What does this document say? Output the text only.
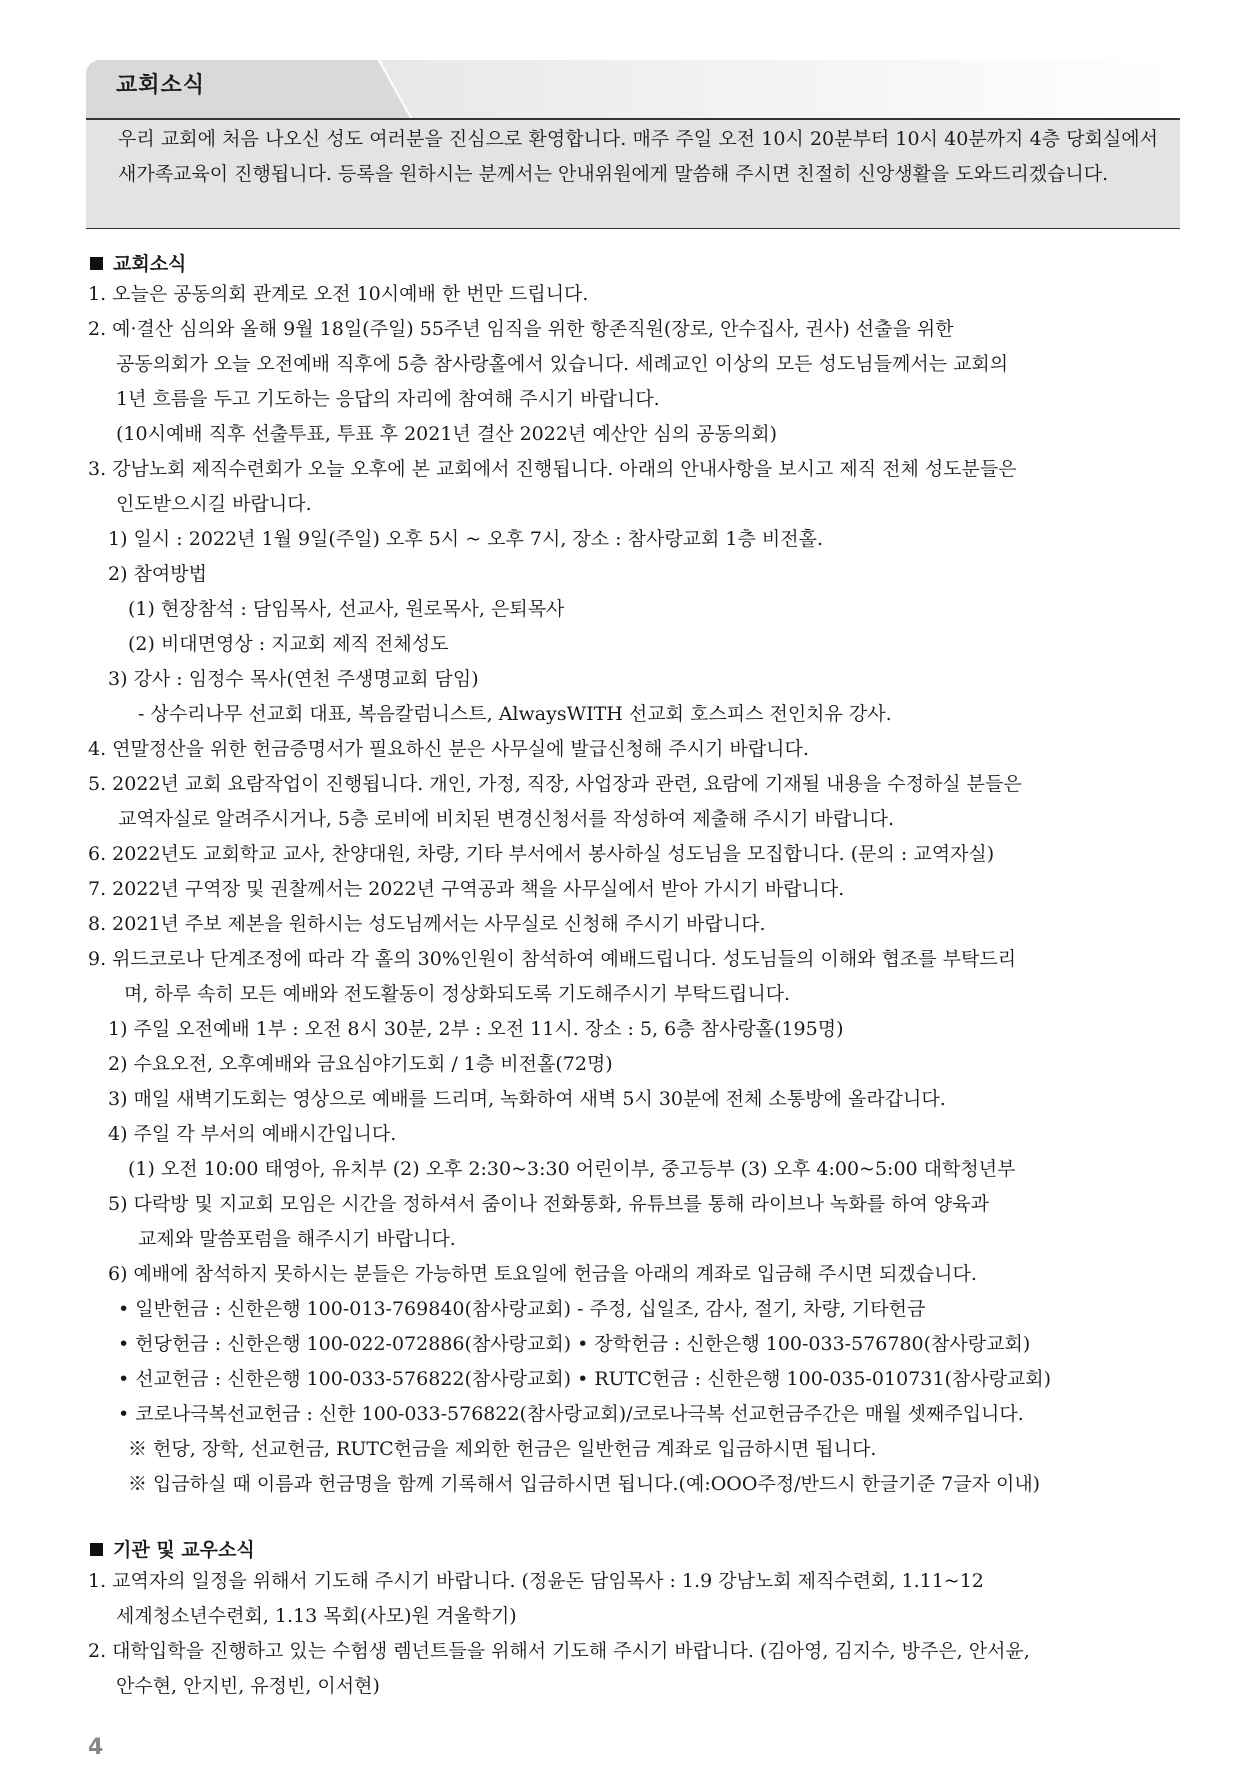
교회소식

우리 교회에 처음 나오신 성도 여러분을 진심으로 환영합니다. 매주 주일 오전 10시 20분부터 10시 40분까지 4층 당회실에서 새가족교육이 진행됩니다. 등록을 원하시는 분께서는 안내위원에게 말씀해 주시면 친절히 신앙생활을 도와드리겠습니다.

교회소식
1. 오늘은 공동의회 관계로 오전 10시예배 한 번만 드립니다.
2. 예·결산 심의와 올해 9월 18일(주일) 55주년 임직을 위한 항존직원(장로, 안수집사, 권사) 선출을 위한
공동의회가 오늘 오전예배 직후에 5층 참사랑홀에서 있습니다. 세례교인 이상의 모든 성도님들께서는 교회의
1년 흐름을 두고 기도하는 응답의 자리에 참여해 주시기 바랍니다.
(10시예배 직후 선출투표, 투표 후 2021년 결산 2022년 예산안 심의 공동의회)
3. 강남노회 제직수련회가 오늘 오후에 본 교회에서 진행됩니다. 아래의 안내사항을 보시고 제직 전체 성도분들은
인도받으시길 바랍니다.
1) 일시 : 2022년 1월 9일(주일) 오후 5시 ~ 오후 7시, 장소 : 참사랑교회 1층 비전홀.
2) 참여방법
(1) 현장참석 : 담임목사, 선교사, 원로목사, 은퇴목사
(2) 비대면영상 : 지교회 제직 전체성도
3) 강사 : 임정수 목사(연천 주생명교회 담임)
- 상수리나무 선교회 대표, 복음칼럼니스트, AlwaysWITH 선교회 호스피스 전인치유 강사.
4. 연말정산을 위한 헌금증명서가 필요하신 분은 사무실에 발급신청해 주시기 바랍니다.
5. 2022년 교회 요람작업이 진행됩니다. 개인, 가정, 직장, 사업장과 관련, 요람에 기재될 내용을 수정하실 분들은
교역자실로 알려주시거나, 5층 로비에 비치된 변경신청서를 작성하여 제출해 주시기 바랍니다.
6. 2022년도 교회학교 교사, 찬양대원, 차량, 기타 부서에서 봉사하실 성도님을 모집합니다. (문의 : 교역자실)
7. 2022년 구역장 및 권찰께서는 2022년 구역공과 책을 사무실에서 받아 가시기 바랍니다.
8. 2021년 주보 제본을 원하시는 성도님께서는 사무실로 신청해 주시기 바랍니다.
9. 위드코로나 단계조정에 따라 각 홀의 30%인원이 참석하여 예배드립니다. 성도님들의 이해와 협조를 부탁드리
며, 하루 속히 모든 예배와 전도활동이 정상화되도록 기도해주시기 부탁드립니다.
1) 주일 오전예배 1부 : 오전 8시 30분, 2부 : 오전 11시. 장소 : 5, 6층 참사랑홀(195명)
2) 수요오전, 오후예배와 금요심야기도회 / 1층 비전홀(72명)
3) 매일 새벽기도회는 영상으로 예배를 드리며, 녹화하여 새벽 5시 30분에 전체 소통방에 올라갑니다.
4) 주일 각 부서의 예배시간입니다.
(1) 오전 10:00 태영아, 유치부 (2) 오후 2:30~3:30 어린이부, 중고등부 (3) 오후 4:00~5:00 대학청년부
5) 다락방 및 지교회 모임은 시간을 정하셔서 줌이나 전화통화, 유튜브를 통해 라이브나 녹화를 하여 양육과
교제와 말씀포럼을 해주시기 바랍니다.
6) 예배에 참석하지 못하시는 분들은 가능하면 토요일에 헌금을 아래의 계좌로 입금해 주시면 되겠습니다.
• 일반헌금 : 신한은행 100-013-769840(참사랑교회) - 주정, 십일조, 감사, 절기, 차량, 기타헌금
• 헌당헌금 : 신한은행 100-022-072886(참사랑교회) • 장학헌금 : 신한은행 100-033-576780(참사랑교회)
• 선교헌금 : 신한은행 100-033-576822(참사랑교회) • RUTC헌금 : 신한은행 100-035-010731(참사랑교회)
• 코로나극복선교헌금 : 신한 100-033-576822(참사랑교회)/코로나극복 선교헌금주간은 매월 셋째주입니다.
※ 헌당, 장학, 선교헌금, RUTC헌금을 제외한 헌금은 일반헌금 계좌로 입금하시면 됩니다.
※ 입금하실 때 이름과 헌금명을 함께 기록해서 입금하시면 됩니다.(예:OOO주정/반드시 한글기준 7글자 이내)
기관 및 교우소식
1. 교역자의 일정을 위해서 기도해 주시기 바랍니다. (정윤돈 담임목사 : 1.9 강남노회 제직수련회, 1.11~12
세계청소년수련회, 1.13 목회(사모)원 겨울학기)
2. 대학입학을 진행하고 있는 수험생 렘넌트들을 위해서 기도해 주시기 바랍니다. (김아영, 김지수, 방주은, 안서윤,
안수현, 안지빈, 유정빈, 이서현)
4
